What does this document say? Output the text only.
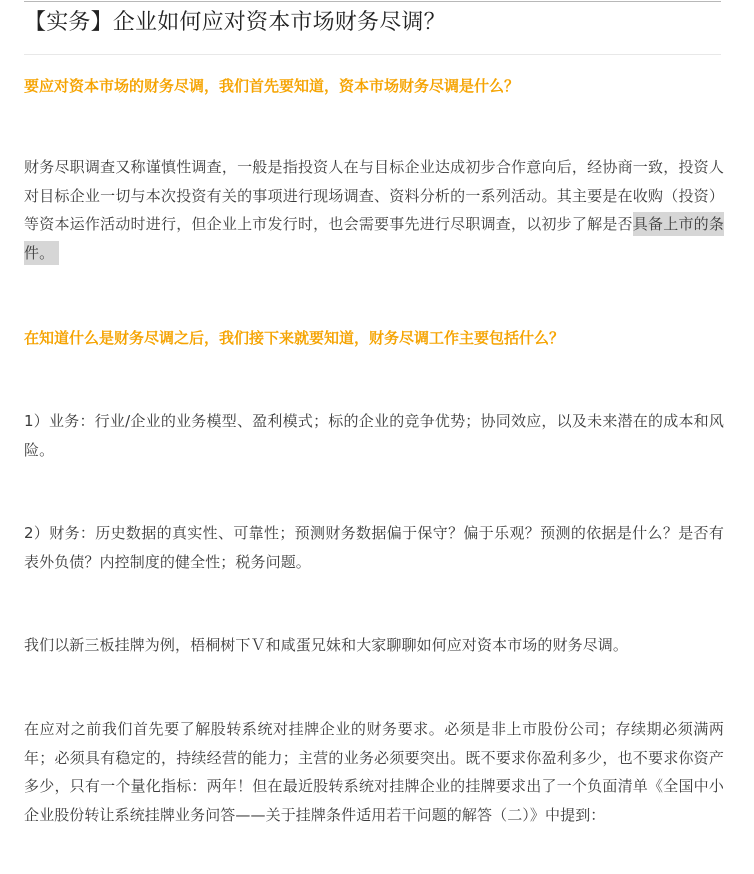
【实务】企业如何应对资本市场财务尽调？
要应对资本市场的财务尽调，我们首先要知道，资本市场财务尽调是什么？
财务尽职调查又称谨慎性调查，一般是指投资人在与目标企业达成初步合作意向后，经协商一致，投资人对目标企业一切与本次投资有关的事项进行现场调查、资料分析的一系列活动。其主要是在收购（投资）等资本运作活动时进行，但企业上市发行时，也会需要事先进行尽职调查，以初步了解是否具备上市的条件。
在知道什么是财务尽调之后，我们接下来就要知道，财务尽调工作主要包括什么？
1）业务：行业/企业的业务模型、盈利模式；标的企业的竞争优势；协同效应，以及未来潜在的成本和风险。
2）财务：历史数据的真实性、可靠性；预测财务数据偏于保守？偏于乐观？预测的依据是什么？是否有表外负债？内控制度的健全性；税务问题。
我们以新三板挂牌为例，梧桐树下Ｖ和咸蛋兄妹和大家聊聊如何应对资本市场的财务尽调。
在应对之前我们首先要了解股转系统对挂牌企业的财务要求。必须是非上市股份公司；存续期必须满两年；必须具有稳定的，持续经营的能力；主营的业务必须要突出。既不要求你盈利多少，也不要求你资产多少，只有一个量化指标：两年！但在最近股转系统对挂牌企业的挂牌要求出了一个负面清单《全国中小企业股份转让系统挂牌业务问答——关于挂牌条件适用若干问题的解答（二）》中提到：
